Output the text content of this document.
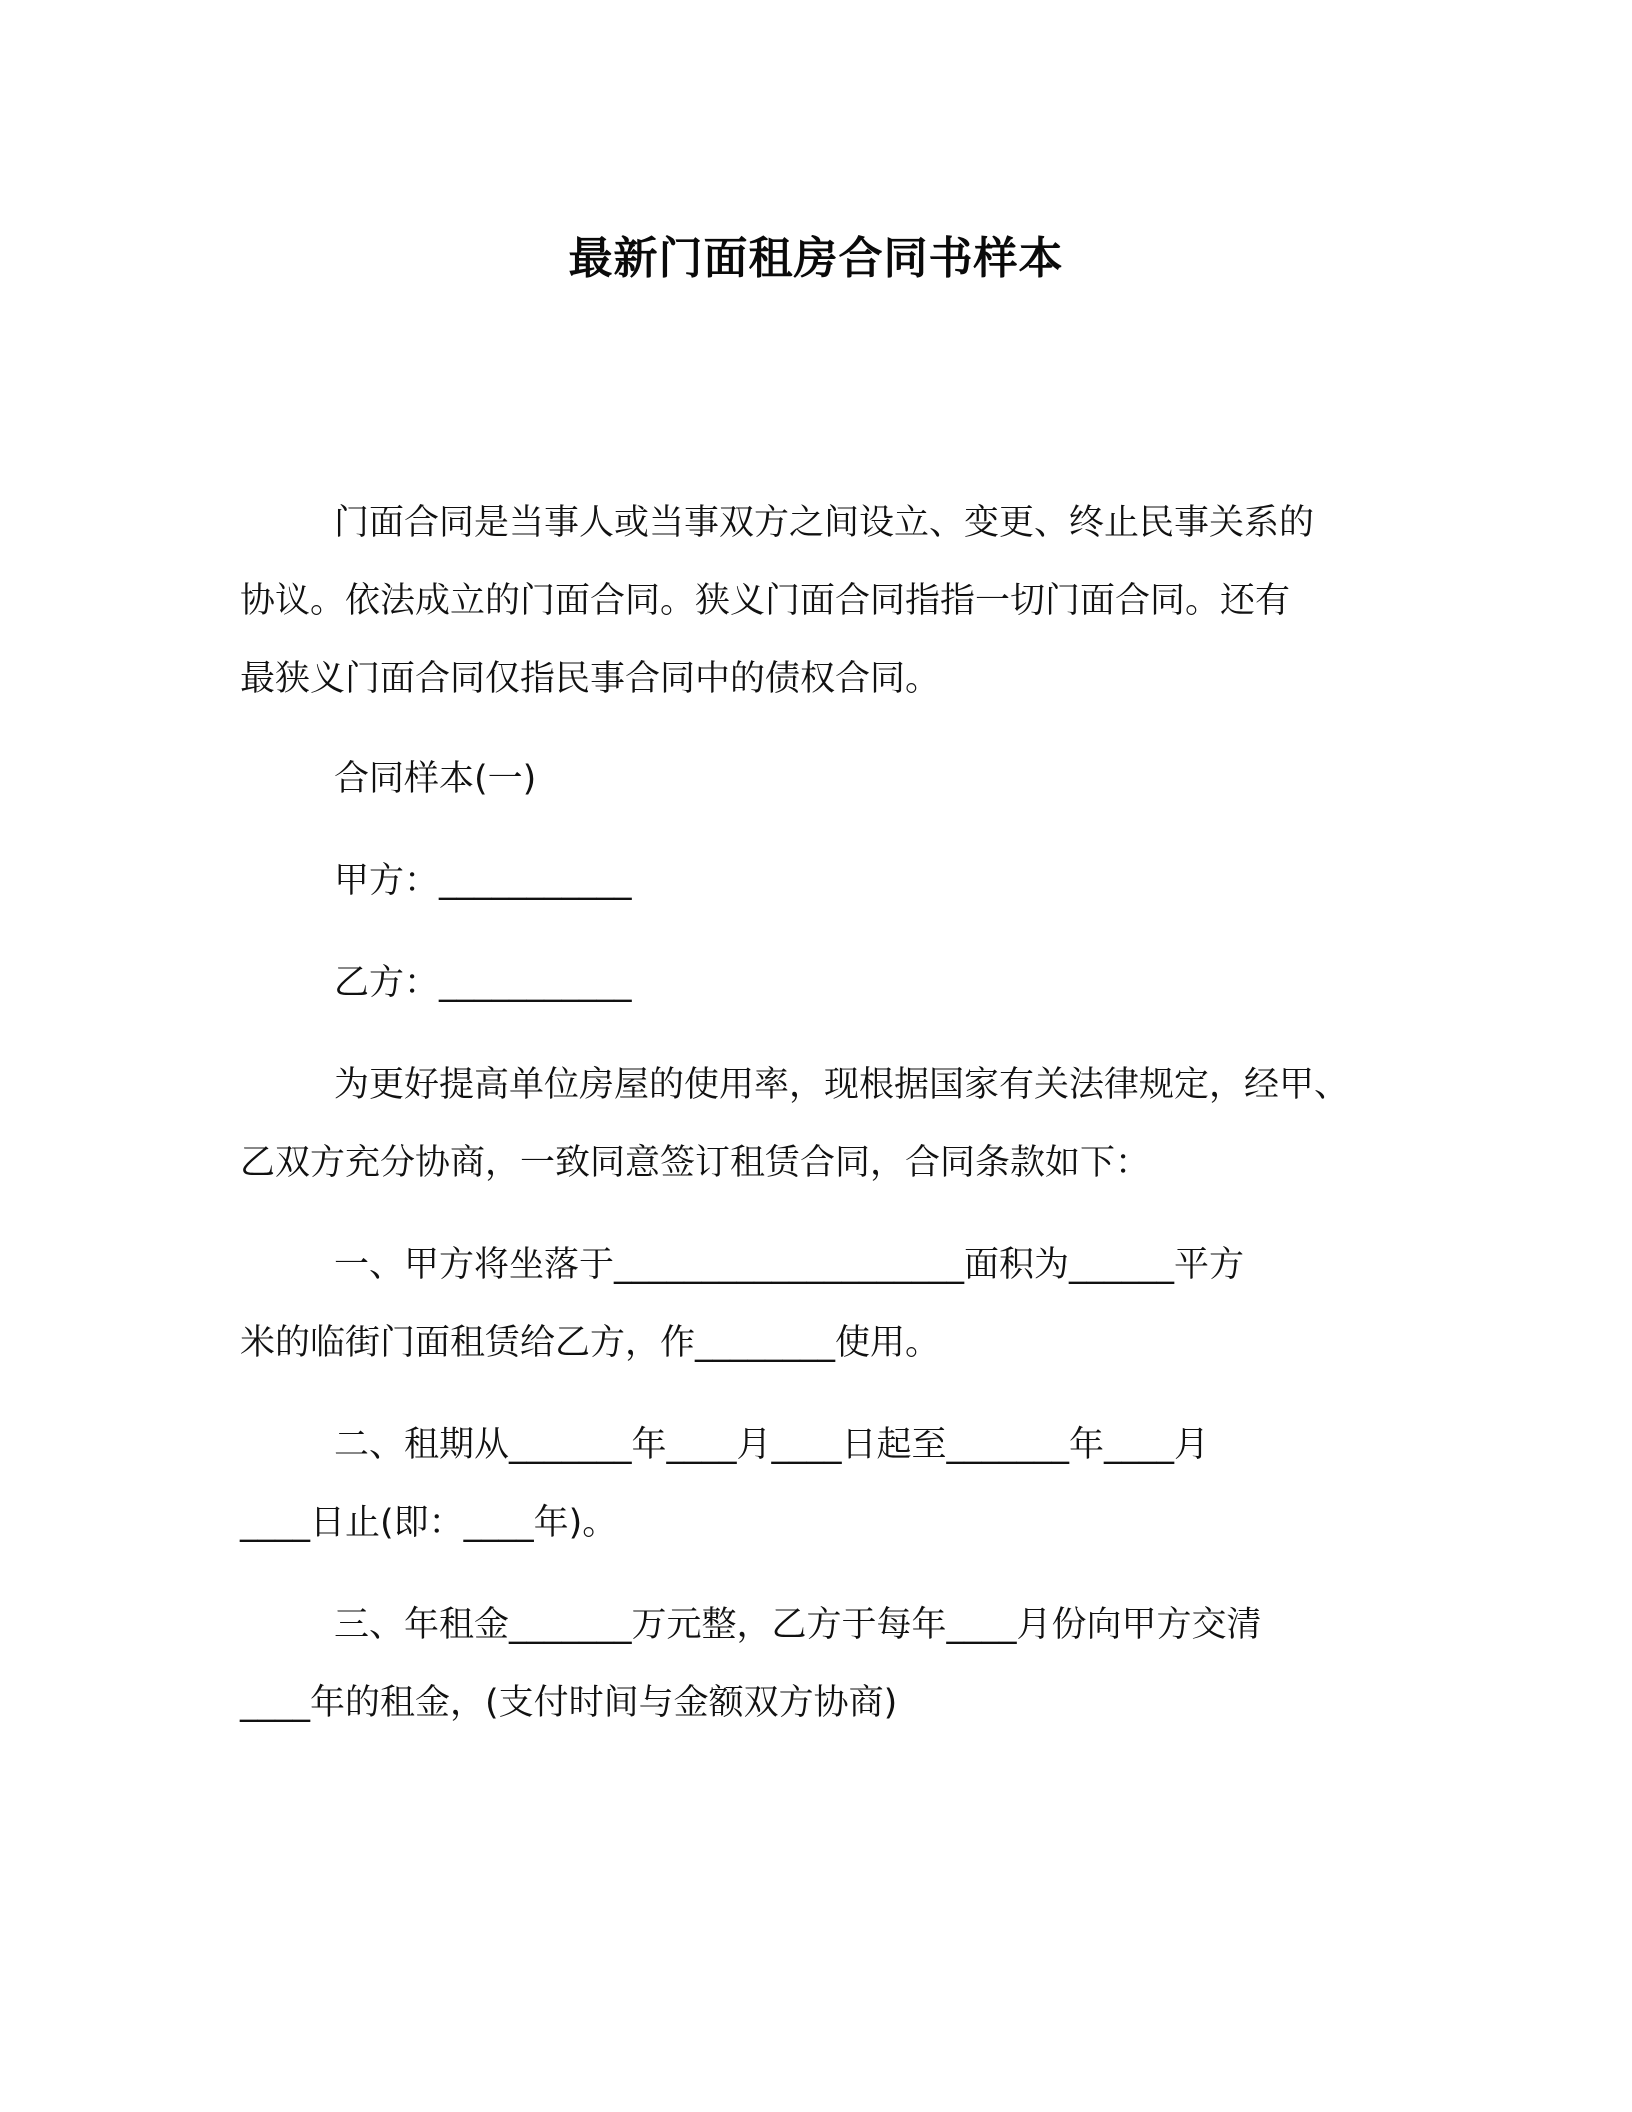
最新门面租房合同书样本
门面合同是当事人或当事双方之间设立、变更、终止民事关系的
协议。依法成立的门面合同。狭义门面合同指指一切门面合同。还有
最狭义门面合同仅指民事合同中的债权合同。
合同样本(一)
甲方：___________
乙方：___________
为更好提高单位房屋的使用率，现根据国家有关法律规定，经甲、
乙双方充分协商，一致同意签订租赁合同，合同条款如下：
一、甲方将坐落于____________________面积为______平方
米的临街门面租赁给乙方，作________使用。
二、租期从_______年____月____日起至_______年____月
____日止(即：____年)。
三、年租金_______万元整，乙方于每年____月份向甲方交清
____年的租金，(支付时间与金额双方协商)
